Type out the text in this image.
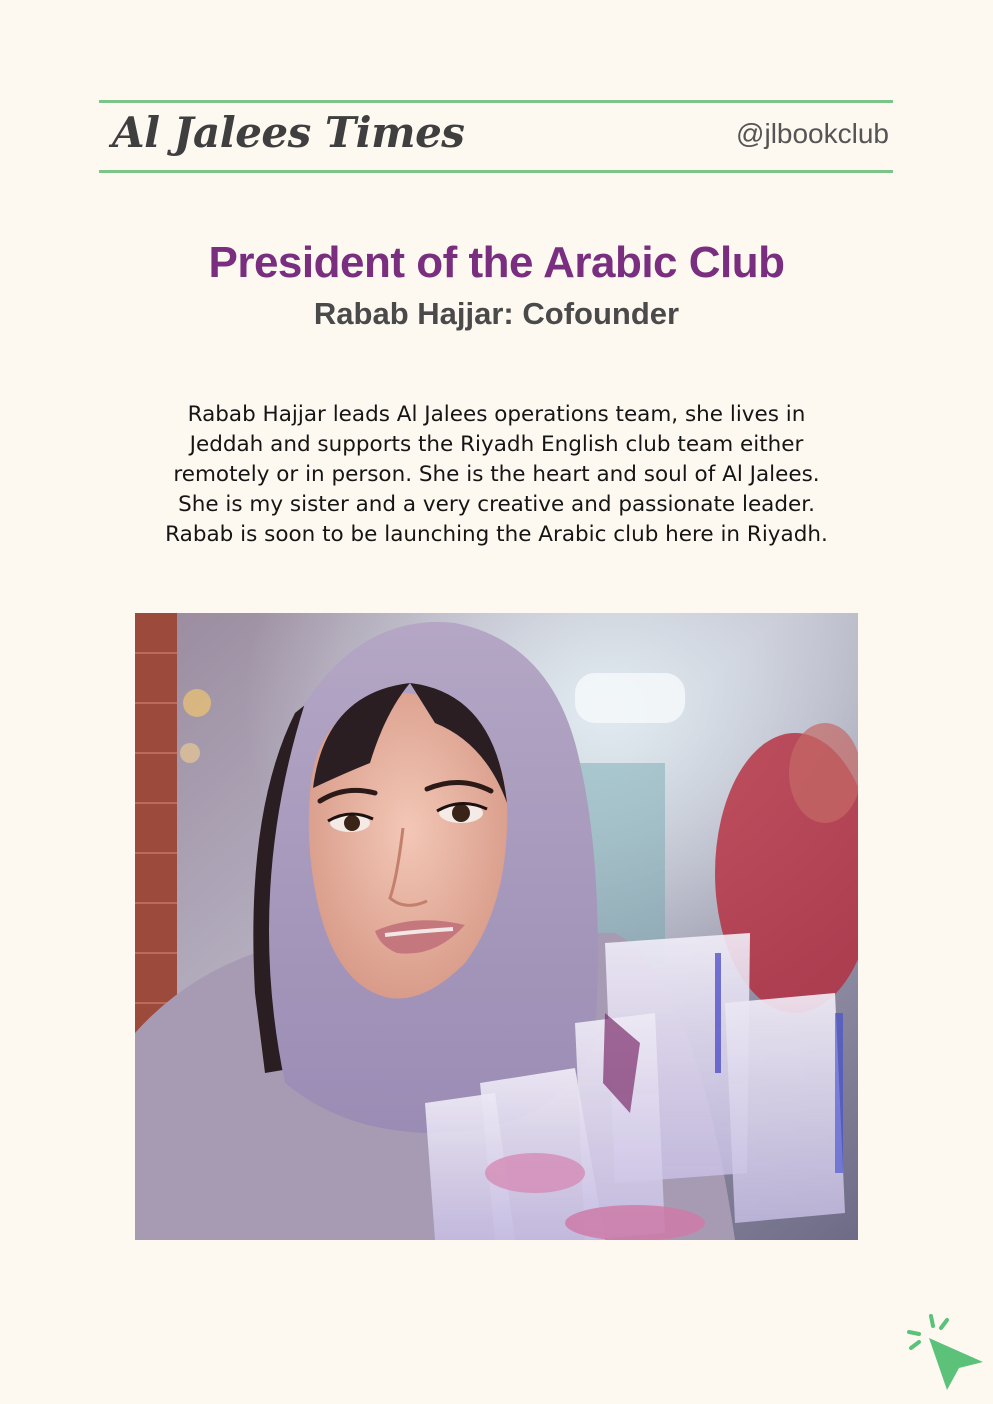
Al Jalees Times	@jlbookclub
President of the Arabic Club
Rabab Hajjar: Cofounder
Rabab Hajjar leads Al Jalees operations team, she lives in
Jeddah and supports the Riyadh English club team either
remotely or in person. She is the heart and soul of Al Jalees.
She is my sister and a very creative and passionate leader.
Rabab is soon to be launching the Arabic club here in Riyadh.
